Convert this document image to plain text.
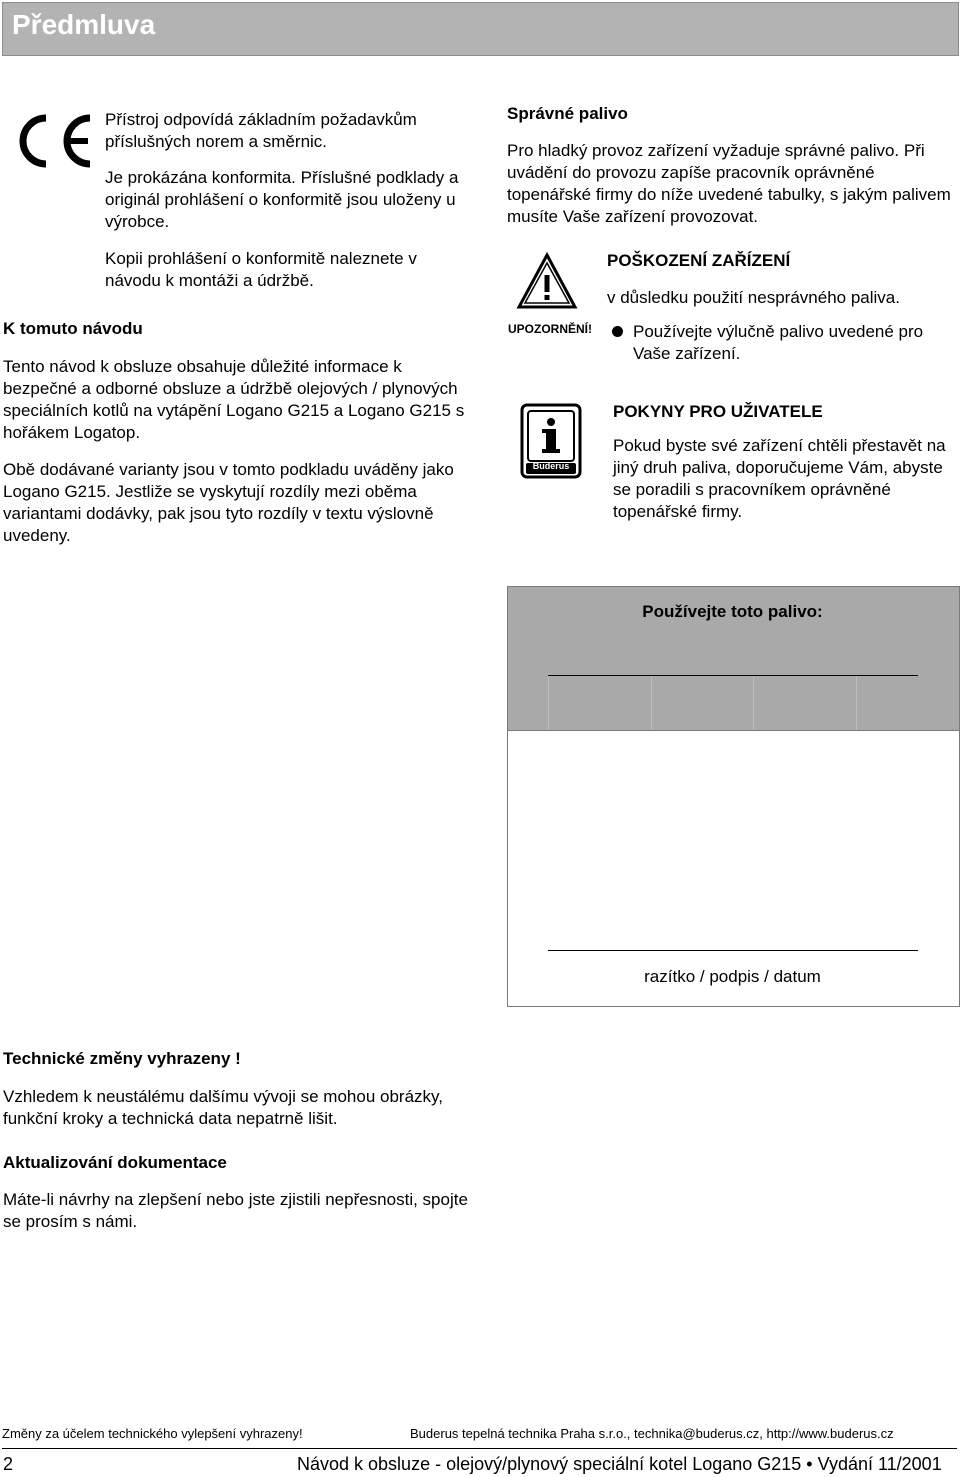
Předmluva
Přístroj odpovídá základním požadavkům příslušných norem a směrnic.
Je prokázána konformita. Příslušné podklady a originál prohlášení o konformitě jsou uloženy u výrobce.
Kopii prohlášení o konformitě naleznete v návodu k montáži a údržbě.
K tomuto návodu
Tento návod k obsluze obsahuje důležité informace k bezpečné a odborné obsluze a údržbě olejových / plynových speciálních kotlů na vytápění Logano G215 a Logano G215 s hořákem Logatop.
Obě dodávané varianty jsou v tomto podkladu uváděny jako Logano G215. Jestliže se vyskytují rozdíly mezi oběma variantami dodávky, pak jsou tyto rozdíly v textu výslovně uvedeny.
Správné palivo
Pro hladký provoz zařízení vyžaduje správné palivo. Při uvádění do provozu zapíše pracovník oprávněné topenářské firmy do níže uvedené tabulky, s jakým palivem musíte Vaše zařízení provozovat.
UPOZORNĚNÍ!
POŠKOZENÍ ZAŘÍZENÍ
v důsledku použití nesprávného paliva.
Používejte výlučně palivo uvedené pro Vaše zařízení.
Buderus
POKYNY PRO UŽIVATELE
Pokud byste své zařízení chtěli přestavět na jiný druh paliva, doporučujeme Vám, abyste se poradili s pracovníkem oprávněné topenářské firmy.
Používejte toto palivo:
razítko / podpis / datum
Technické změny vyhrazeny !
Vzhledem k neustálému dalšímu vývoji se mohou obrázky, funkční kroky a technická data nepatrně lišit.
Aktualizování dokumentace
Máte-li návrhy na zlepšení nebo jste zjistili nepřesnosti, spojte se prosím s námi.
Změny za účelem technického vylepšení vyhrazeny!	Buderus tepelná technika Praha s.r.o., technika@buderus.cz, http://www.buderus.cz
2	Návod k obsluze - olejový/plynový speciální kotel Logano G215 • Vydání 11/2001
